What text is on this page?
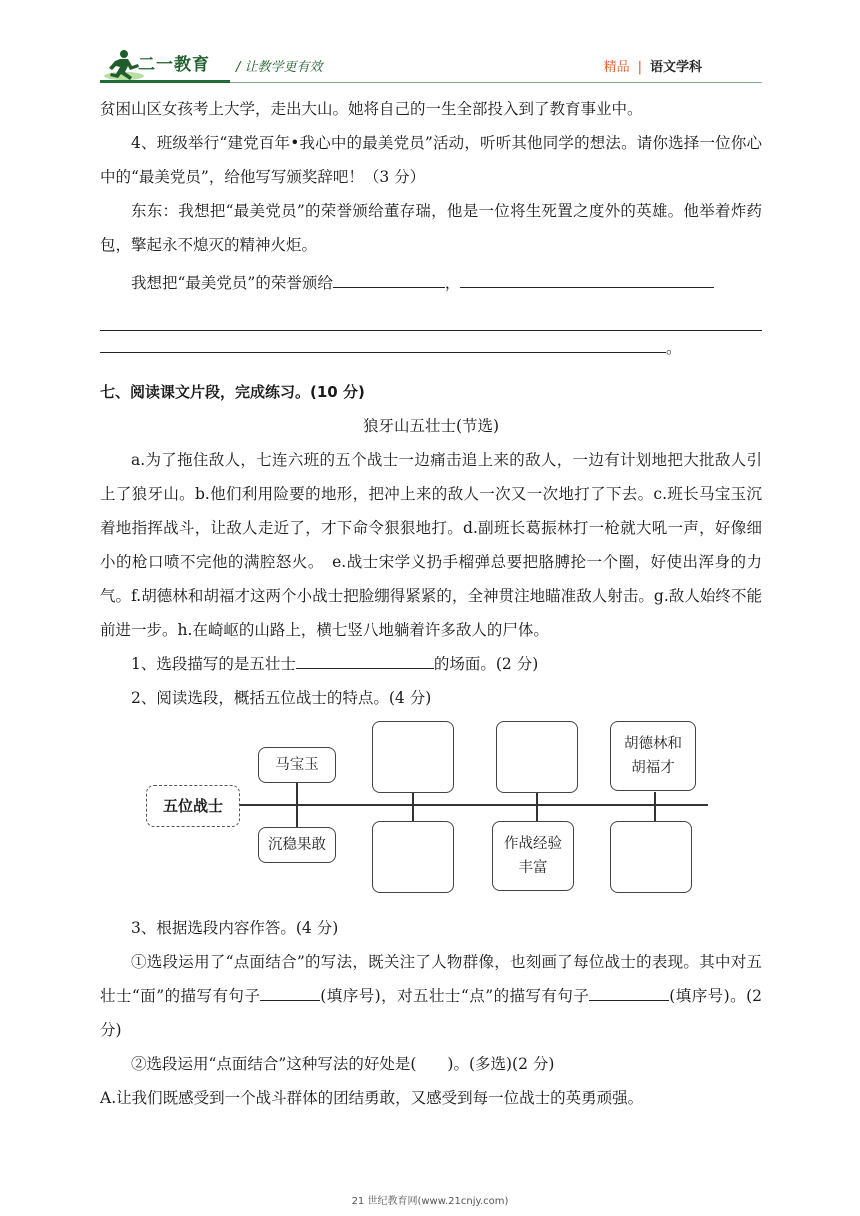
二一教育 / 让教学更有效	精品 | 语文学科

贫困山区女孩考上大学，走出大山。她将自己的一生全部投入到了教育事业中。

4、班级举行“建党百年•我心中的最美党员”活动，听听其他同学的想法。请你选择一位你心中的“最美党员”，给他写写颁奖辞吧！（3 分）

东东：我想把“最美党员”的荣誉颁给董存瑞，他是一位将生死置之度外的英雄。他举着炸药包，擎起永不熄灭的精神火炬。

我想把“最美党员”的荣誉颁给	，

。

七、阅读课文片段，完成练习。(10 分)

狼牙山五壮士(节选)

a.为了拖住敌人，七连六班的五个战士一边痛击追上来的敌人，一边有计划地把大批敌人引上了狼牙山。b.他们利用险要的地形，把冲上来的敌人一次又一次地打了下去。c.班长马宝玉沉着地指挥战斗，让敌人走近了，才下命令狠狠地打。d.副班长葛振林打一枪就大吼一声，好像细小的枪口喷不完他的满腔怒火。　e.战士宋学义扔手榴弹总要把胳膊抡一个圈，好使出浑身的力气。f.胡德林和胡福才这两个小战士把脸绷得紧紧的，全神贯注地瞄准敌人射击。g.敌人始终不能前进一步。h.在崎岖的山路上，横七竖八地躺着许多敌人的尸体。

1、选段描写的是五壮士	的场面。(2 分)

2、阅读选段，概括五位战士的特点。(4 分)

五位战士
马宝玉
胡德林和胡福才
沉稳果敢	作战经验丰富

3、根据选段内容作答。(4 分)

①选段运用了“点面结合”的写法，既关注了人物群像，也刻画了每位战士的表现。其中对五壮士“面”的描写有句子	(填序号)，对五壮士“点”的描写有句子	(填序号)。(2 分)

②选段运用“点面结合”这种写法的好处是(　　)。(多选)(2 分)

A.让我们既感受到一个战斗群体的团结勇敢，又感受到每一位战士的英勇顽强。

21 世纪教育网(www.21cnjy.com)
